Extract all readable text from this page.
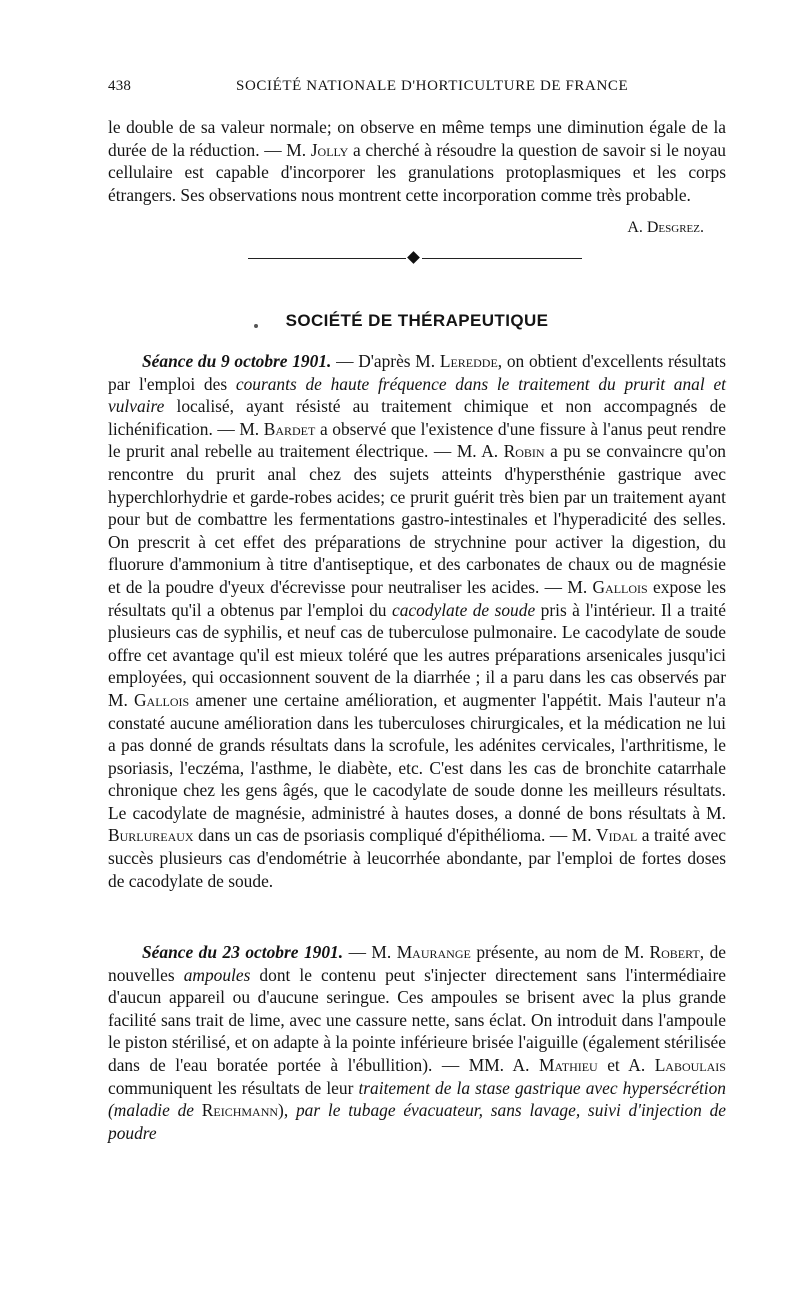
438	SOCIÉTÉ NATIONALE D'HORTICULTURE DE FRANCE

le double de sa valeur normale; on observe en même temps une diminution égale de la durée de la réduction. — M. Jolly a cherché à résoudre la question de savoir si le noyau cellulaire est capable d'incorporer les granulations protoplasmiques et les corps étrangers. Ses observations nous montrent cette incorporation comme très probable.

A. Desgrez.
SOCIÉTÉ DE THÉRAPEUTIQUE

Séance du 9 octobre 1901. — D'après M. Leredde, on obtient d'excellents résultats par l'emploi des courants de haute fréquence dans le traitement du prurit anal et vulvaire localisé, ayant résisté au traitement chimique et non accompagnés de lichénification. — M. Bardet a observé que l'existence d'une fissure à l'anus peut rendre le prurit anal rebelle au traitement électrique. — M. A. Robin a pu se convaincre qu'on rencontre du prurit anal chez des sujets atteints d'hypersthénie gastrique avec hyperchlorhydrie et garde-robes acides; ce prurit guérit très bien par un traitement ayant pour but de combattre les fermentations gastro-intestinales et l'hyperadicité des selles. On prescrit à cet effet des préparations de strychnine pour activer la digestion, du fluorure d'ammonium à titre d'antiseptique, et des carbonates de chaux ou de magnésie et de la poudre d'yeux d'écrevisse pour neutraliser les acides. — M. Gallois expose les résultats qu'il a obtenus par l'emploi du cacodylate de soude pris à l'intérieur. Il a traité plusieurs cas de syphilis, et neuf cas de tuberculose pulmonaire. Le cacodylate de soude offre cet avantage qu'il est mieux toléré que les autres préparations arsenicales jusqu'ici employées, qui occasionnent souvent de la diarrhée ; il a paru dans les cas observés par M. Gallois amener une certaine amélioration, et augmenter l'appétit. Mais l'auteur n'a constaté aucune amélioration dans les tuberculoses chirurgicales, et la médication ne lui a pas donné de grands résultats dans la scrofule, les adénites cervicales, l'arthritisme, le psoriasis, l'eczéma, l'asthme, le diabète, etc. C'est dans les cas de bronchite catarrhale chronique chez les gens âgés, que le cacodylate de soude donne les meilleurs résultats. Le cacodylate de magnésie, administré à hautes doses, a donné de bons résultats à M. Burlureaux dans un cas de psoriasis compliqué d'épithélioma. — M. Vidal a traité avec succès plusieurs cas d'endométrie à leucorrhée abondante, par l'emploi de fortes doses de cacodylate de soude.

Séance du 23 octobre 1901. — M. Maurange présente, au nom de M. Robert, de nouvelles ampoules dont le contenu peut s'injecter directement sans l'intermédiaire d'aucun appareil ou d'aucune seringue. Ces ampoules se brisent avec la plus grande facilité sans trait de lime, avec une cassure nette, sans éclat. On introduit dans l'ampoule le piston stérilisé, et on adapte à la pointe inférieure brisée l'aiguille (également stérilisée dans de l'eau boratée portée à l'ébullition). — MM. A. Mathieu et A. Laboulais communiquent les résultats de leur traitement de la stase gastrique avec hypersécrétion (maladie de Reichmann), par le tubage évacuateur, sans lavage, suivi d'injection de poudre
